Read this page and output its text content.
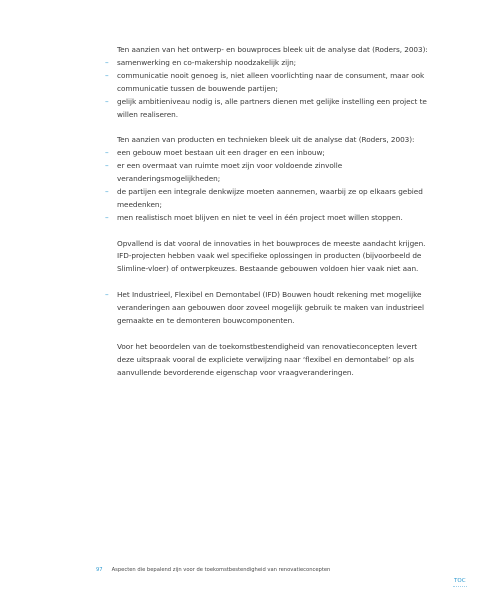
Ten aanzien van het ontwerp- en bouwproces bleek uit de analyse dat (Roders, 2003):

– samenwerking en co-makership noodzakelijk zijn;
– communicatie nooit genoeg is, niet alleen voorlichting naar de consument, maar ook
communicatie tussen de bouwende partijen;
– gelijk ambitieniveau nodig is, alle partners dienen met gelijke instelling een project te
willen realiseren.

Ten aanzien van producten en technieken bleek uit de analyse dat (Roders, 2003):

– een gebouw moet bestaan uit een drager en een inbouw;
– er een overmaat van ruimte moet zijn voor voldoende zinvolle
veranderingsmogelijkheden;
– de partijen een integrale denkwijze moeten aannemen, waarbij ze op elkaars gebied
meedenken;
– men realistisch moet blijven en niet te veel in één project moet willen stoppen.

Opvallend is dat vooral de innovaties in het bouwproces de meeste aandacht krijgen.
IFD-projecten hebben vaak wel specifieke oplossingen in producten (bijvoorbeeld de
Slimline-vloer) of ontwerpkeuzes. Bestaande gebouwen voldoen hier vaak niet aan.

– Het Industrieel, Flexibel en Demontabel (IFD) Bouwen houdt rekening met mogelijke
veranderingen aan gebouwen door zoveel mogelijk gebruik te maken van industrieel
gemaakte en te demonteren bouwcomponenten.

Voor het beoordelen van de toekomstbestendigheid van renovatieconcepten levert
deze uitspraak vooral de expliciete verwijzing naar ‘flexibel en demontabel’ op als
aanvullende bevorderende eigenschap voor vraagveranderingen.

97 Aspecten die bepalend zijn voor de toekomstbestendigheid van renovatieconcepten
TOC
